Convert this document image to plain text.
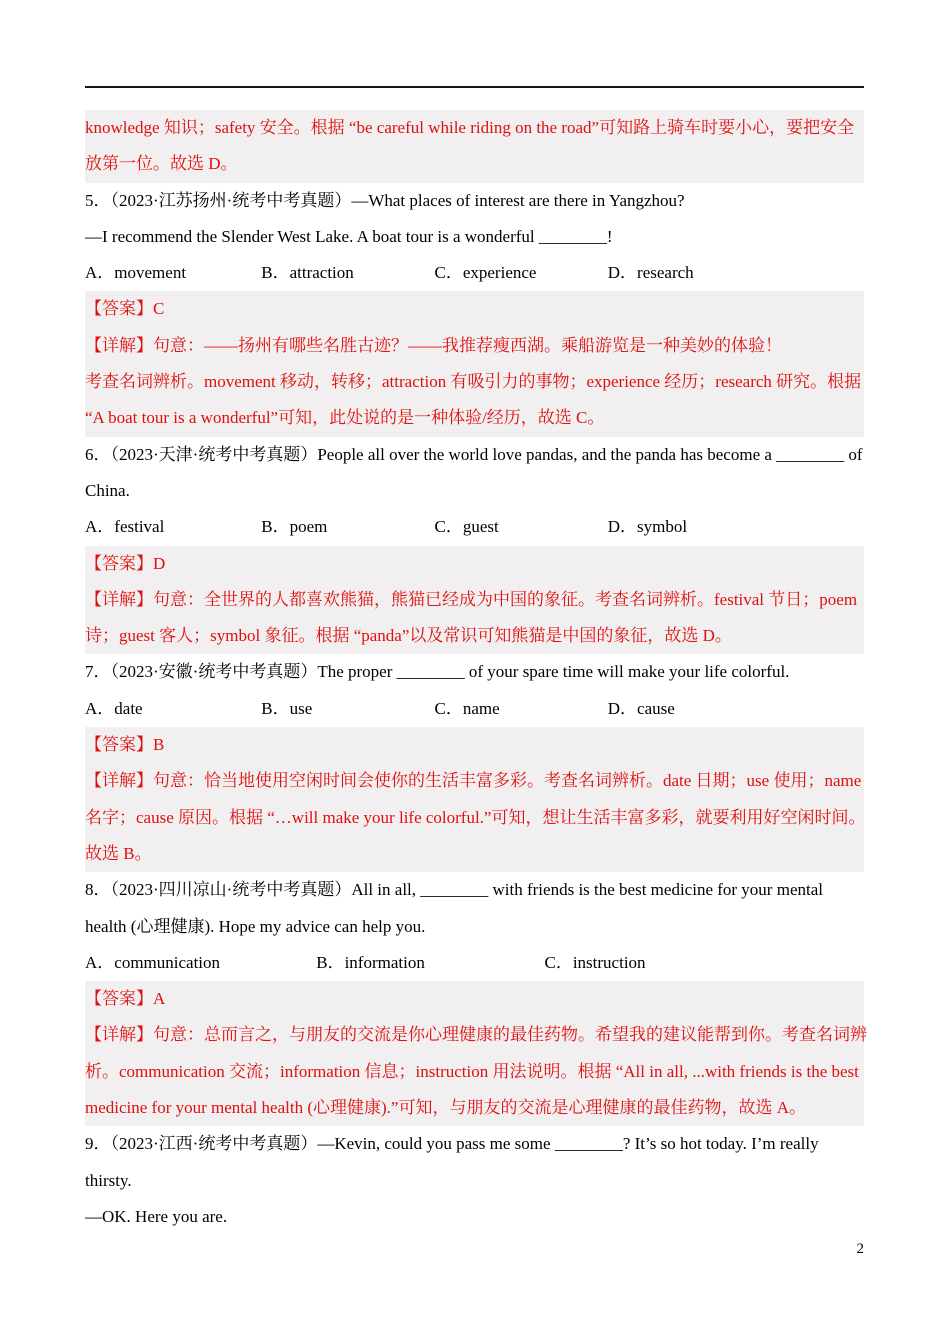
knowledge 知识；safety 安全。根据 “be careful while riding on the road”可知路上骑车时要小心，要把安全
放第一位。故选 D。
5．（2023·江苏扬州·统考中考真题）—What places of interest are there in Yangzhou?
—I recommend the Slender West Lake. A boat tour is a wonderful ________!
A．movement	B．attraction	C．experience	D．research
【答案】C
【详解】句意：——扬州有哪些名胜古迹？——我推荐瘦西湖。乘船游览是一种美妙的体验！
考查名词辨析。movement 移动，转移；attraction 有吸引力的事物；experience 经历；research 研究。根据
“A boat tour is a wonderful”可知，此处说的是一种体验/经历，故选 C。
6．（2023·天津·统考中考真题）People all over the world love pandas, and the panda has become a ________ of
China.
A．festival	B．poem	C．guest	D．symbol
【答案】D
【详解】句意：全世界的人都喜欢熊猫，熊猫已经成为中国的象征。考查名词辨析。festival 节日；poem
诗；guest 客人；symbol 象征。根据 “panda”以及常识可知熊猫是中国的象征，故选 D。
7．（2023·安徽·统考中考真题）The proper ________ of your spare time will make your life colorful.
A．date	B．use	C．name	D．cause
【答案】B
【详解】句意：恰当地使用空闲时间会使你的生活丰富多彩。考查名词辨析。date 日期；use 使用；name
名字；cause 原因。根据 “…will make your life colorful.”可知，想让生活丰富多彩，就要利用好空闲时间。
故选 B。
8．（2023·四川凉山·统考中考真题）All in all, ________ with friends is the best medicine for your mental
health (心理健康). Hope my advice can help you.
A．communication	B．information	C．instruction
【答案】A
【详解】句意：总而言之，与朋友的交流是你心理健康的最佳药物。希望我的建议能帮到你。考查名词辨
析。communication 交流；information 信息；instruction 用法说明。根据 “All in all, ...with friends is the best
medicine for your mental health (心理健康).”可知，与朋友的交流是心理健康的最佳药物，故选 A。
9．（2023·江西·统考中考真题）—Kevin, could you pass me some ________? It’s so hot today. I’m really
thirsty.
—OK. Here you are.
2
